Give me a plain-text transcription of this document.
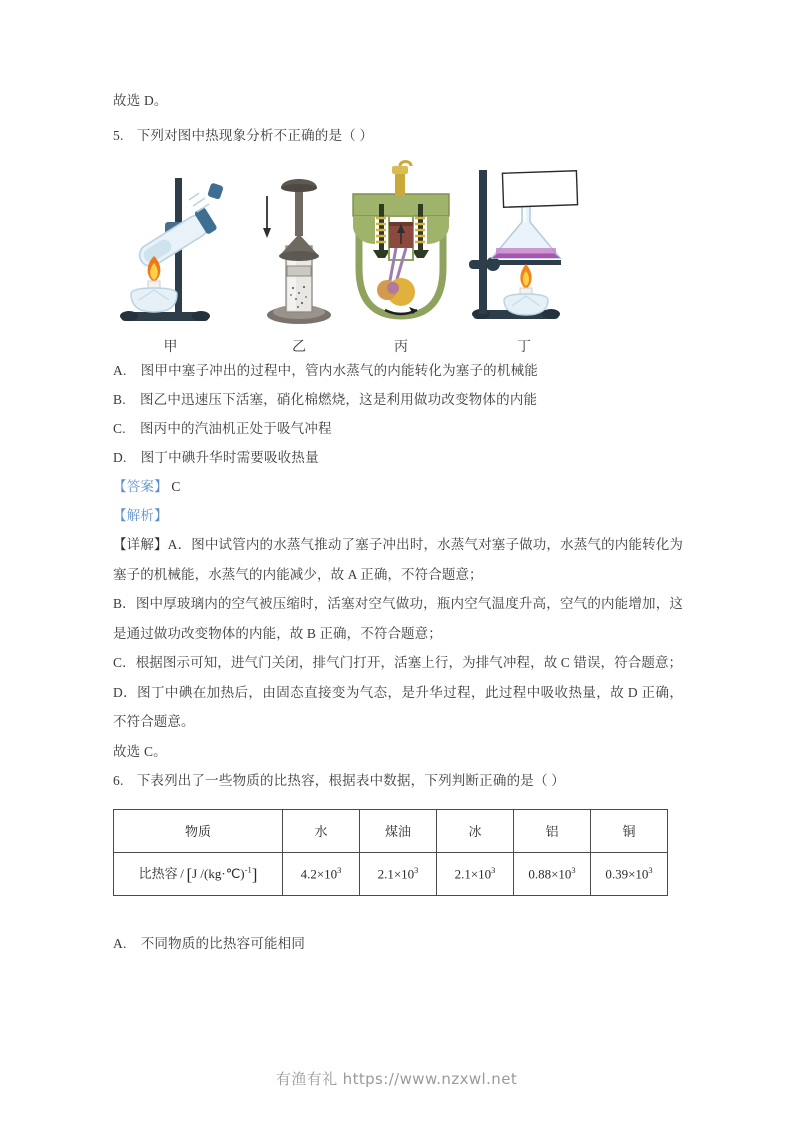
故选 D。
5. 下列对图中热现象分析不正确的是（ ）
甲	乙	丙	丁
A. 图甲中塞子冲出的过程中，管内水蒸气的内能转化为塞子的机械能
B. 图乙中迅速压下活塞，硝化棉燃烧，这是利用做功改变物体的内能
C. 图丙中的汽油机正处于吸气冲程
D. 图丁中碘升华时需要吸收热量
【答案】 C
【解析】
【详解】A．图中试管内的水蒸气推动了塞子冲出时，水蒸气对塞子做功，水蒸气的内能转化为塞子的机械能，水蒸气的内能减少，故 A 正确，不符合题意；
B．图中厚玻璃内的空气被压缩时，活塞对空气做功，瓶内空气温度升高，空气的内能增加，这是通过做功改变物体的内能，故 B 正确，不符合题意；
C．根据图示可知，进气门关闭，排气门打开，活塞上行，为排气冲程，故 C 错误，符合题意；
D．图丁中碘在加热后，由固态直接变为气态，是升华过程，此过程中吸收热量，故 D 正确，不符合题意。
故选 C。
6. 下表列出了一些物质的比热容，根据表中数据，下列判断正确的是（ ）
物质	水	煤油	冰	铝	铜
比热容 / [J /(kg·℃)$^{-1}$]	$4.2\times 10^3$	$2.1\times 10^3$	$2.1\times 10^3$	$0.88\times 10^3$	$0.39\times 10^3$
A. 不同物质的比热容可能相同
有渔有礼 https://www.nzxwl.net
